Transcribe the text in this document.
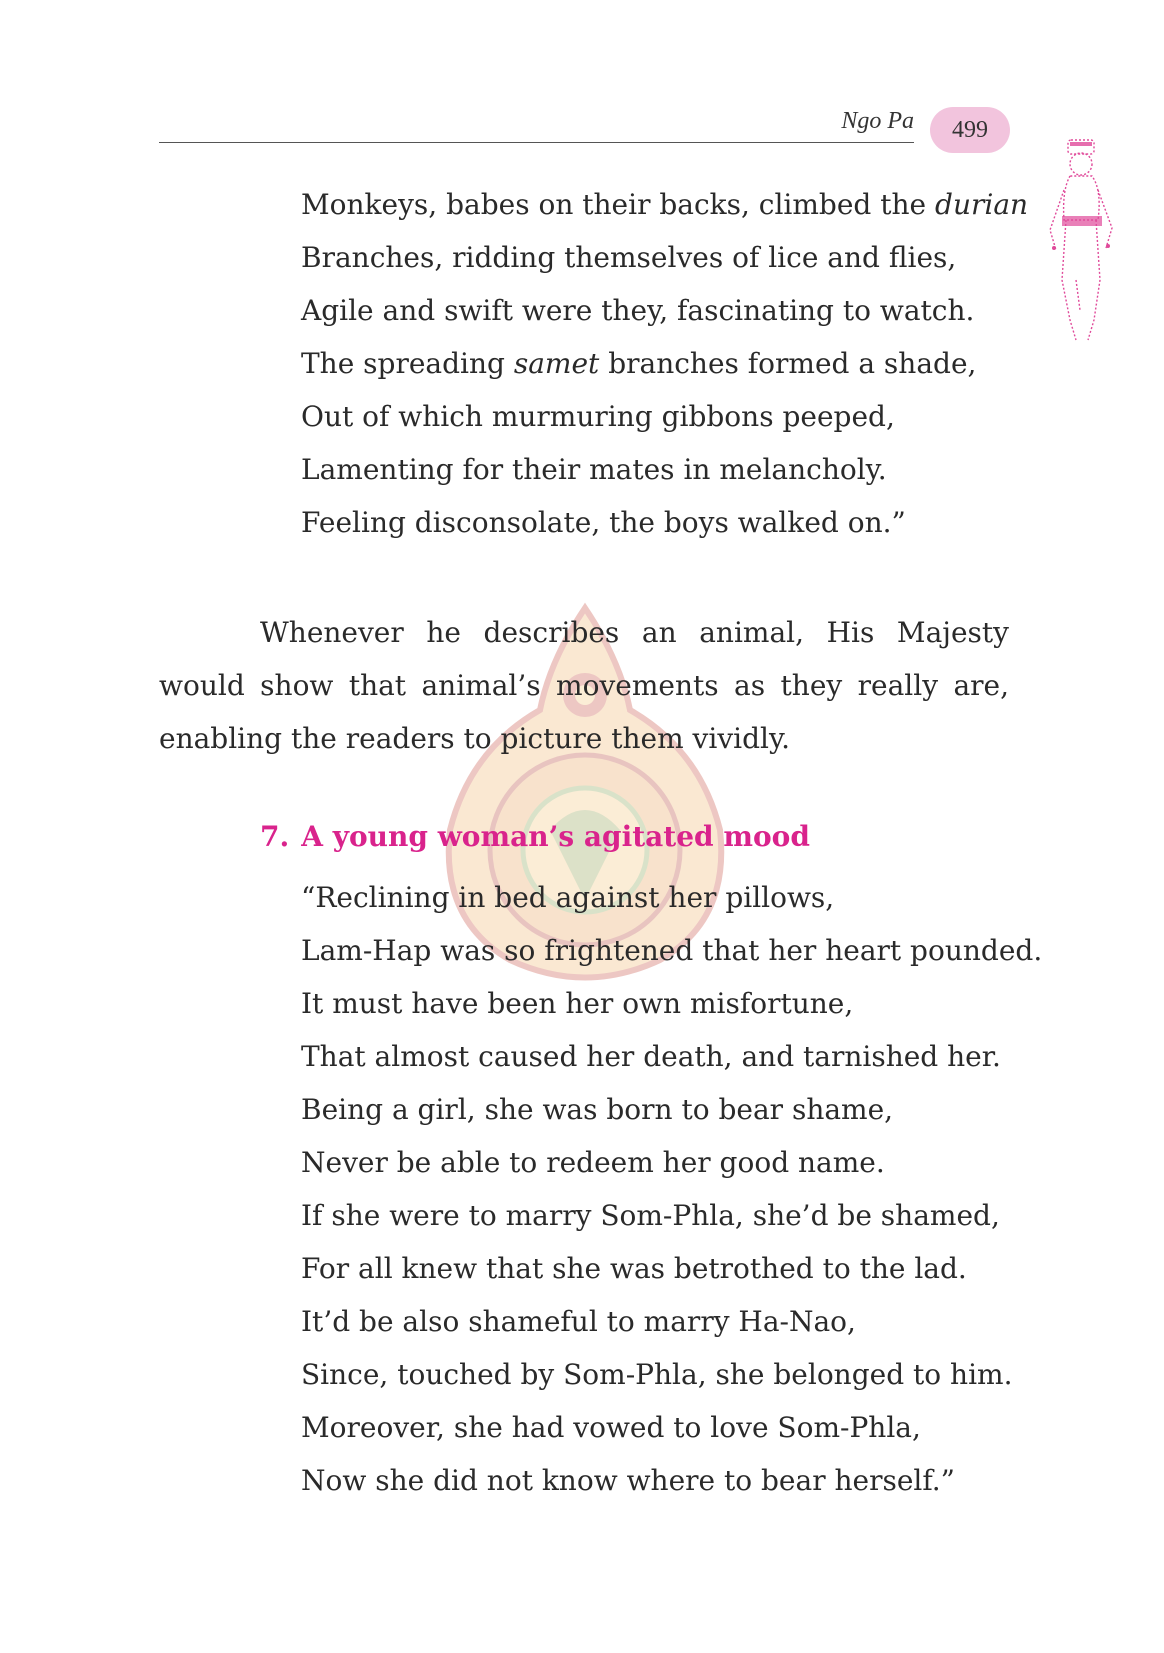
Ngo Pa 499
Monkeys, babes on their backs, climbed the durian
Branches, ridding themselves of lice and flies,
Agile and swift were they, fascinating to watch.
The spreading samet branches formed a shade,
Out of which murmuring gibbons peeped,
Lamenting for their mates in melancholy.
Feeling disconsolate, the boys walked on.”

Whenever he describes an animal, His Majesty would show that animal’s movements as they really are, enabling the readers to picture them vividly.

7. A young woman’s agitated mood
“Reclining in bed against her pillows,
Lam-Hap was so frightened that her heart pounded.
It must have been her own misfortune,
That almost caused her death, and tarnished her.
Being a girl, she was born to bear shame,
Never be able to redeem her good name.
If she were to marry Som-Phla, she’d be shamed,
For all knew that she was betrothed to the lad.
It’d be also shameful to marry Ha-Nao,
Since, touched by Som-Phla, she belonged to him.
Moreover, she had vowed to love Som-Phla,
Now she did not know where to bear herself.”
